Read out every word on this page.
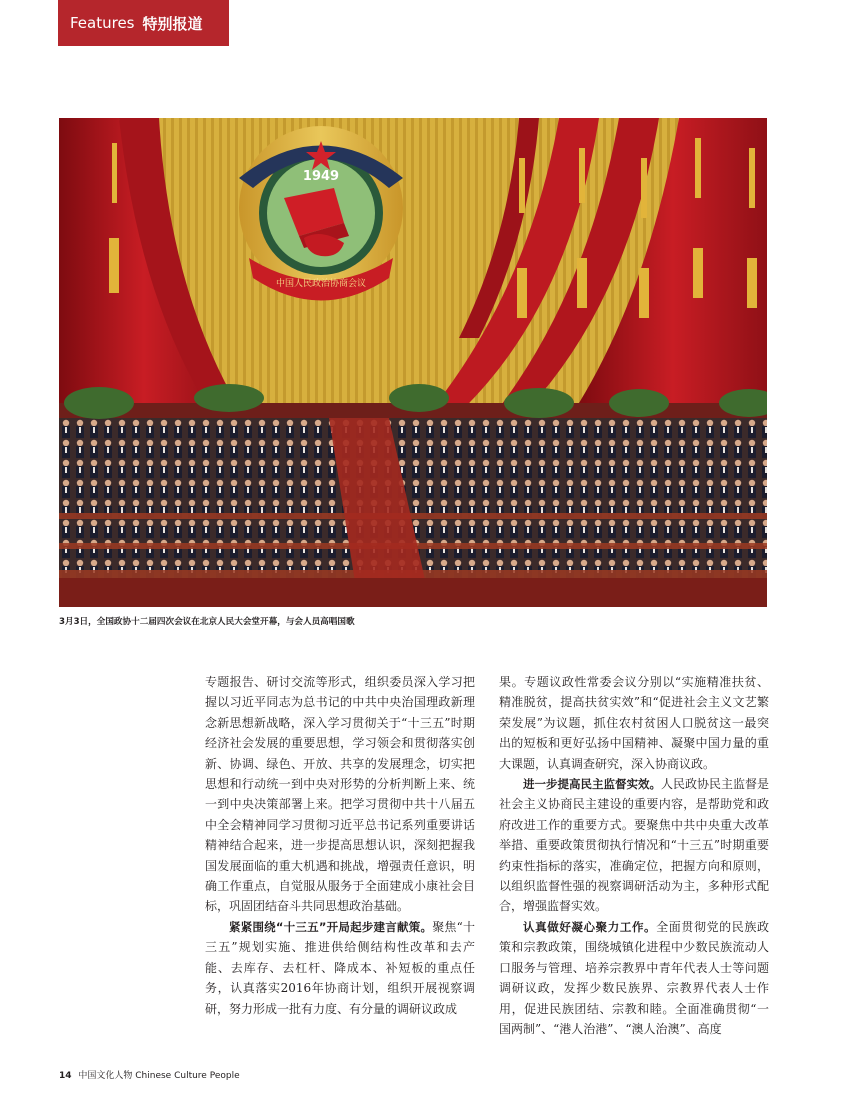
Features 特别报道
1949
中国人民政治协商会议
3月3日，全国政协十二届四次会议在北京人民大会堂开幕，与会人员高唱国歌

专题报告、研讨交流等形式，组织委员深入学习把握以习近平同志为总书记的中共中央治国理政新理念新思想新战略，深入学习贯彻关于“十三五”时期经济社会发展的重要思想，学习领会和贯彻落实创新、协调、绿色、开放、共享的发展理念，切实把思想和行动统一到中央对形势的分析判断上来、统一到中央决策部署上来。把学习贯彻中共十八届五中全会精神同学习贯彻习近平总书记系列重要讲话精神结合起来，进一步提高思想认识，深刻把握我国发展面临的重大机遇和挑战，增强责任意识，明确工作重点，自觉服从服务于全面建成小康社会目标，巩固团结奋斗共同思想政治基础。

紧紧围绕“十三五”开局起步建言献策。聚焦“十三五”规划实施、推进供给侧结构性改革和去产能、去库存、去杠杆、降成本、补短板的重点任务，认真落实2016年协商计划，组织开展视察调研，努力形成一批有力度、有分量的调研议政成

果。专题议政性常委会议分别以“实施精准扶贫、精准脱贫，提高扶贫实效”和“促进社会主义文艺繁荣发展”为议题，抓住农村贫困人口脱贫这一最突出的短板和更好弘扬中国精神、凝聚中国力量的重大课题，认真调查研究，深入协商议政。

进一步提高民主监督实效。人民政协民主监督是社会主义协商民主建设的重要内容，是帮助党和政府改进工作的重要方式。要聚焦中共中央重大改革举措、重要政策贯彻执行情况和“十三五”时期重要约束性指标的落实，准确定位，把握方向和原则，以组织监督性强的视察调研活动为主，多种形式配合，增强监督实效。

认真做好凝心聚力工作。全面贯彻党的民族政策和宗教政策，围绕城镇化进程中少数民族流动人口服务与管理、培养宗教界中青年代表人士等问题调研议政，发挥少数民族界、宗教界代表人士作用，促进民族团结、宗教和睦。全面准确贯彻“一国两制”、“港人治港”、“澳人治澳”、高度

14 中国文化人物 Chinese Culture People
